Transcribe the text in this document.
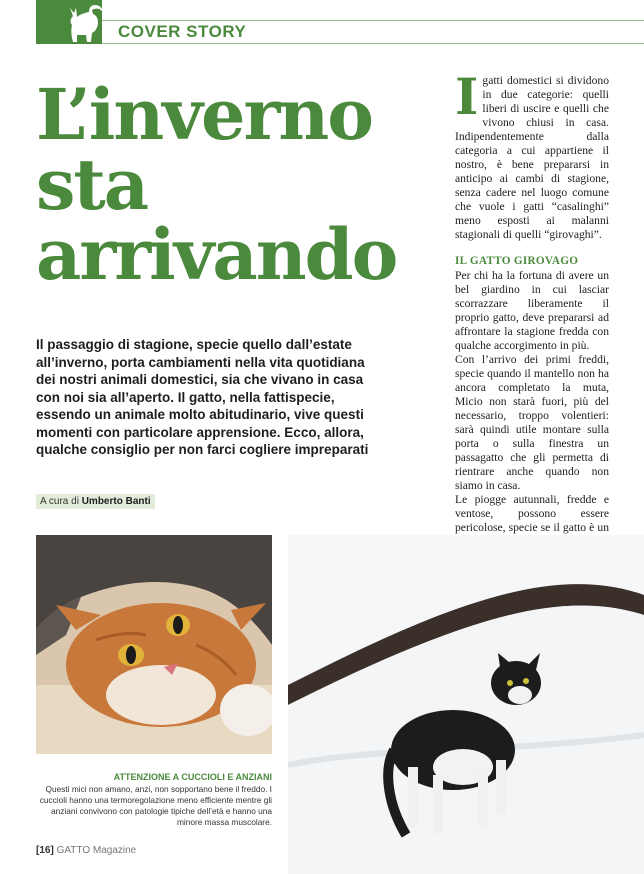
COVER STORY
L’inverno
sta
arrivando

Il passaggio di stagione, specie quello dall’estate all’inverno, porta cambiamenti nella vita quotidiana dei nostri animali domestici, sia che vivano in casa con noi sia all’aperto. Il gatto, nella fattispecie, essendo un animale molto abitudinario, vive questi momenti con particolare apprensione. Ecco, allora, qualche consiglio per non farci cogliere impreparati

A cura di Umberto Banti

Igatti domestici si dividono in due categorie: quelli liberi di uscire e quelli che vivono chiusi in casa. Indipendentemente dalla categoria a cui appartiene il nostro, è bene prepararsi in anticipo ai cambi di stagione, senza cadere nel luogo comune che vuole i gatti “casalinghi” meno esposti ai malanni stagionali di quelli “girovaghi”.

IL GATTO GIROVAGO

Per chi ha la fortuna di avere un bel giardino in cui lasciar scorrazzare liberamente il proprio gatto, deve prepararsi ad affrontare la stagione fredda con qualche accorgimento in più.

Con l’arrivo dei primi freddi, specie quando il mantello non ha ancora completato la muta, Micio non starà fuori, più del necessario, troppo volentieri: sarà quindi utile montare sulla porta o sulla finestra un passagatto che gli permetta di rientrare anche quando non siamo in casa.

Le piogge autunnali, fredde e ventose, possono essere pericolose, specie se il gatto è un

ATTENZIONE A CUCCIOLI E ANZIANI

Questi mici non amano, anzi, non sopportano bene il freddo. I cuccioli hanno una termoregolazione meno efficiente mentre gli anziani convivono con patologie tipiche dell’età e hanno una minore massa muscolare.

[16] GATTO Magazine
